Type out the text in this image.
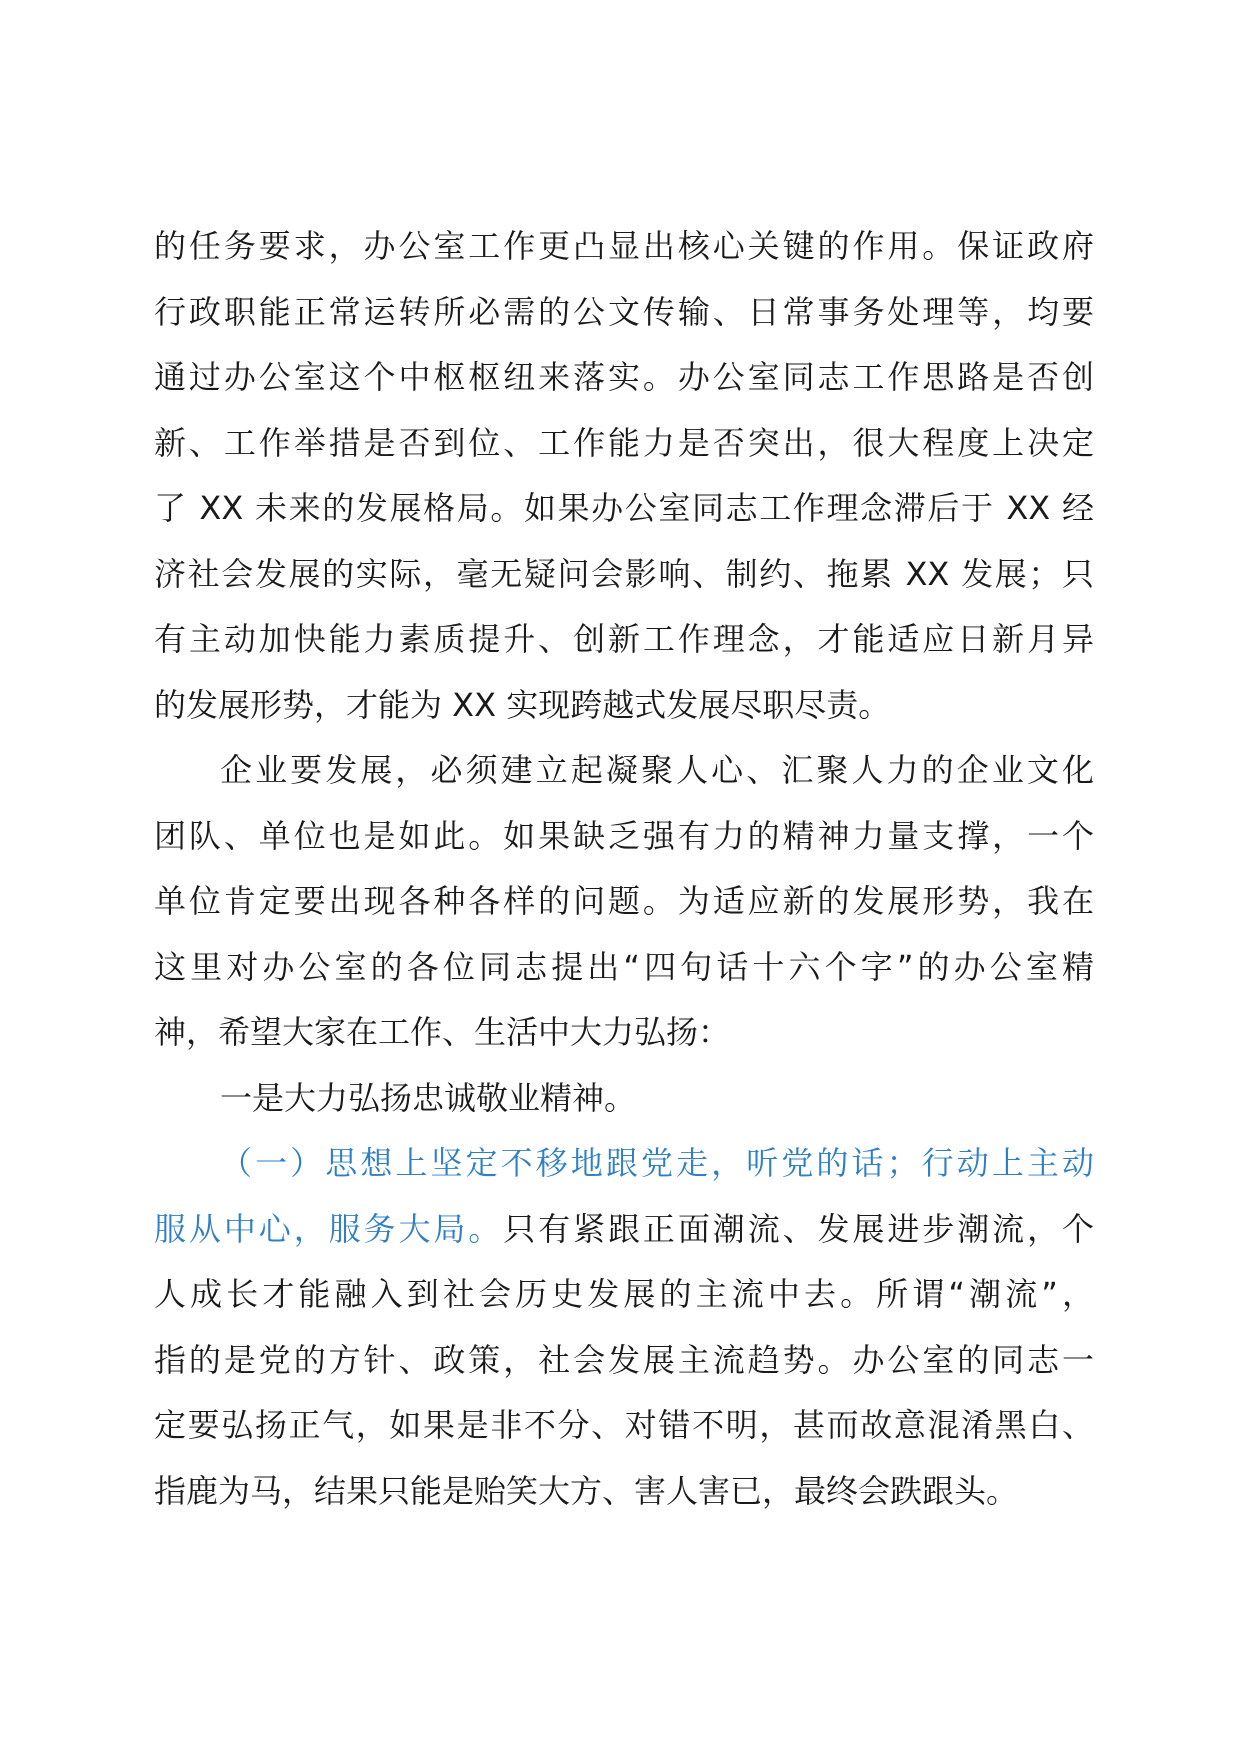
的任务要求，办公室工作更凸显出核心关键的作用。保证政府
行政职能正常运转所必需的公文传输、日常事务处理等，均要
通过办公室这个中枢枢纽来落实。办公室同志工作思路是否创
新、工作举措是否到位、工作能力是否突出，很大程度上决定
了 XX 未来的发展格局。如果办公室同志工作理念滞后于 XX 经
济社会发展的实际，毫无疑问会影响、制约、拖累 XX 发展；只
有主动加快能力素质提升、创新工作理念，才能适应日新月异
的发展形势，才能为 XX 实现跨越式发展尽职尽责。
企业要发展，必须建立起凝聚人心、汇聚人力的企业文化
团队、单位也是如此。如果缺乏强有力的精神力量支撑，一个
单位肯定要出现各种各样的问题。为适应新的发展形势，我在
这里对办公室的各位同志提出“四句话十六个字”的办公室精
神，希望大家在工作、生活中大力弘扬：
一是大力弘扬忠诚敬业精神。
（一）思想上坚定不移地跟党走，听党的话；行动上主动
服从中心，服务大局。只有紧跟正面潮流、发展进步潮流，个
人成长才能融入到社会历史发展的主流中去。所谓“潮流”，
指的是党的方针、政策，社会发展主流趋势。办公室的同志一
定要弘扬正气，如果是非不分、对错不明，甚而故意混淆黑白、
指鹿为马，结果只能是贻笑大方、害人害已，最终会跌跟头。
